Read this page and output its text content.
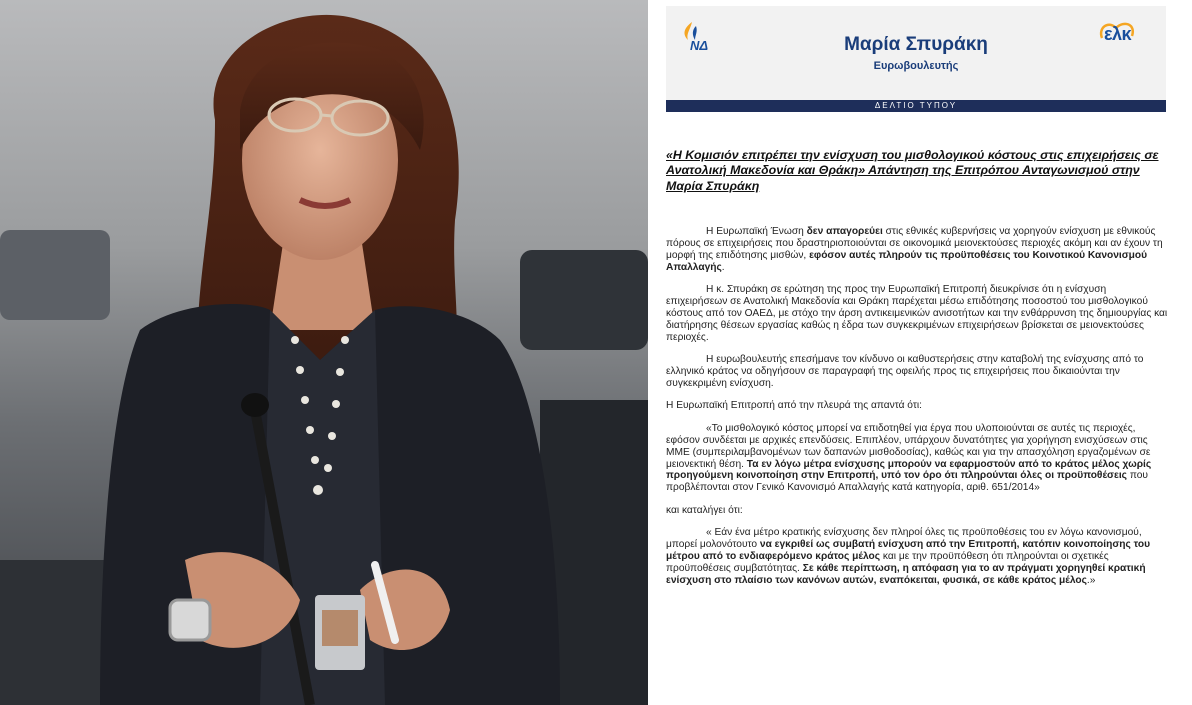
ΝΔ	Μαρία Σπυράκη
Ευρωβουλευτής
ελκ
ΔΕΛΤΙΟ ΤΥΠΟΥ
«Η Κομισιόν επιτρέπει την ενίσχυση του μισθολογικού κόστους στις επιχειρήσεις σε Ανατολική Μακεδονία και Θράκη» Απάντηση της Επιτρόπου Ανταγωνισμού στην Μαρία Σπυράκη

Η Ευρωπαϊκή Ένωση δεν απαγορεύει στις εθνικές κυβερνήσεις να χορηγούν ενίσχυση με εθνικούς πόρους σε επιχειρήσεις που δραστηριοποιούνται σε οικονομικά μειονεκτούσες περιοχές ακόμη και αν έχουν τη μορφή της επιδότησης μισθών, εφόσον αυτές πληρούν τις προϋποθέσεις του Κοινοτικού Κανονισμού Απαλλαγής.

Η κ. Σπυράκη σε ερώτηση της προς την Ευρωπαϊκή Επιτροπή διευκρίνισε ότι η ενίσχυση επιχειρήσεων σε Ανατολική Μακεδονία και Θράκη παρέχεται μέσω επιδότησης ποσοστού του μισθολογικού κόστους από τον ΟΑΕΔ, με στόχο την άρση αντικειμενικών ανισοτήτων και την ενθάρρυνση της δημιουργίας και διατήρησης θέσεων εργασίας καθώς η έδρα των συγκεκριμένων επιχειρήσεων βρίσκεται σε μειονεκτούσες περιοχές.

Η ευρωβουλευτής επεσήμανε τον κίνδυνο οι καθυστερήσεις στην καταβολή της ενίσχυσης από το ελληνικό κράτος να οδηγήσουν σε παραγραφή της οφειλής προς τις επιχειρήσεις που δικαιούνται την συγκεκριμένη ενίσχυση.

Η Ευρωπαϊκή Επιτροπή από την πλευρά της απαντά ότι:

«Το μισθολογικό κόστος μπορεί να επιδοτηθεί για έργα που υλοποιούνται σε αυτές τις περιοχές, εφόσον συνδέεται με αρχικές επενδύσεις. Επιπλέον, υπάρχουν δυνατότητες για χορήγηση ενισχύσεων στις ΜΜΕ (συμπεριλαμβανομένων των δαπανών μισθοδοσίας), καθώς και για την απασχόληση εργαζομένων σε μειονεκτική θέση. Τα εν λόγω μέτρα ενίσχυσης μπορούν να εφαρμοστούν από το κράτος μέλος χωρίς προηγούμενη κοινοποίηση στην Επιτροπή, υπό τον όρο ότι πληρούνται όλες οι προϋποθέσεις που προβλέπονται στον Γενικό Κανονισμό Απαλλαγής κατά κατηγορία, αριθ. 651/2014»

και καταλήγει ότι:

« Εάν ένα μέτρο κρατικής ενίσχυσης δεν πληροί όλες τις προϋποθέσεις του εν λόγω κανονισμού, μπορεί μολονότουτο να εγκριθεί ως συμβατή ενίσχυση από την Επιτροπή, κατόπιν κοινοποίησης του μέτρου από το ενδιαφερόμενο κράτος μέλος και με την προϋπόθεση ότι πληρούνται οι σχετικές προϋποθέσεις συμβατότητας. Σε κάθε περίπτωση, η απόφαση για το αν πράγματι χορηγηθεί κρατική ενίσχυση στο πλαίσιο των κανόνων αυτών, εναπόκειται, φυσικά, σε κάθε κράτος μέλος.»
